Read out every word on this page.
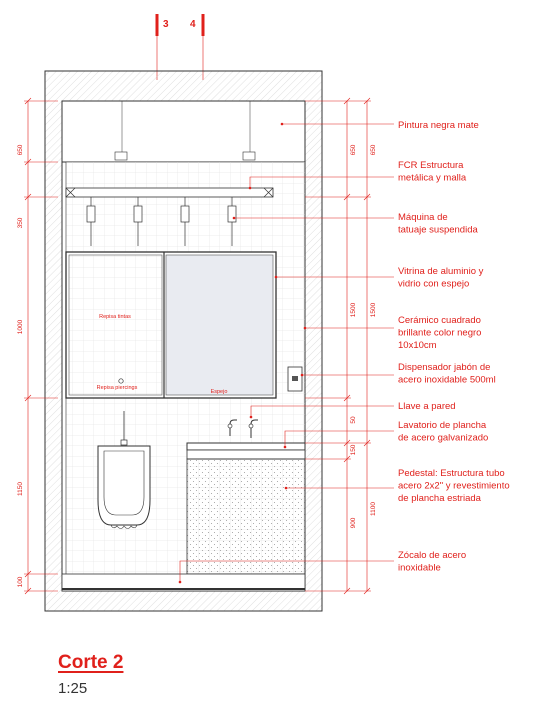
3 4
Repisa tintas
Repisa piercings
Espejo
650
350
1000
1150
100
650
1500
50
150
900
650
1500
1100
Pintura negra mate
FCR Estructura metálica y malla
Máquina de tatuaje suspendida
Vitrina de aluminio y vidrio con espejo
Cerámico cuadrado brillante color negro 10x10cm
Dispensador jabón de acero inoxidable 500ml
Llave a pared
Lavatorio de plancha de acero galvanizado
Pedestal: Estructura tubo acero 2x2" y revestimiento de plancha estriada
Zócalo de acero inoxidable
Corte 2
1:25
